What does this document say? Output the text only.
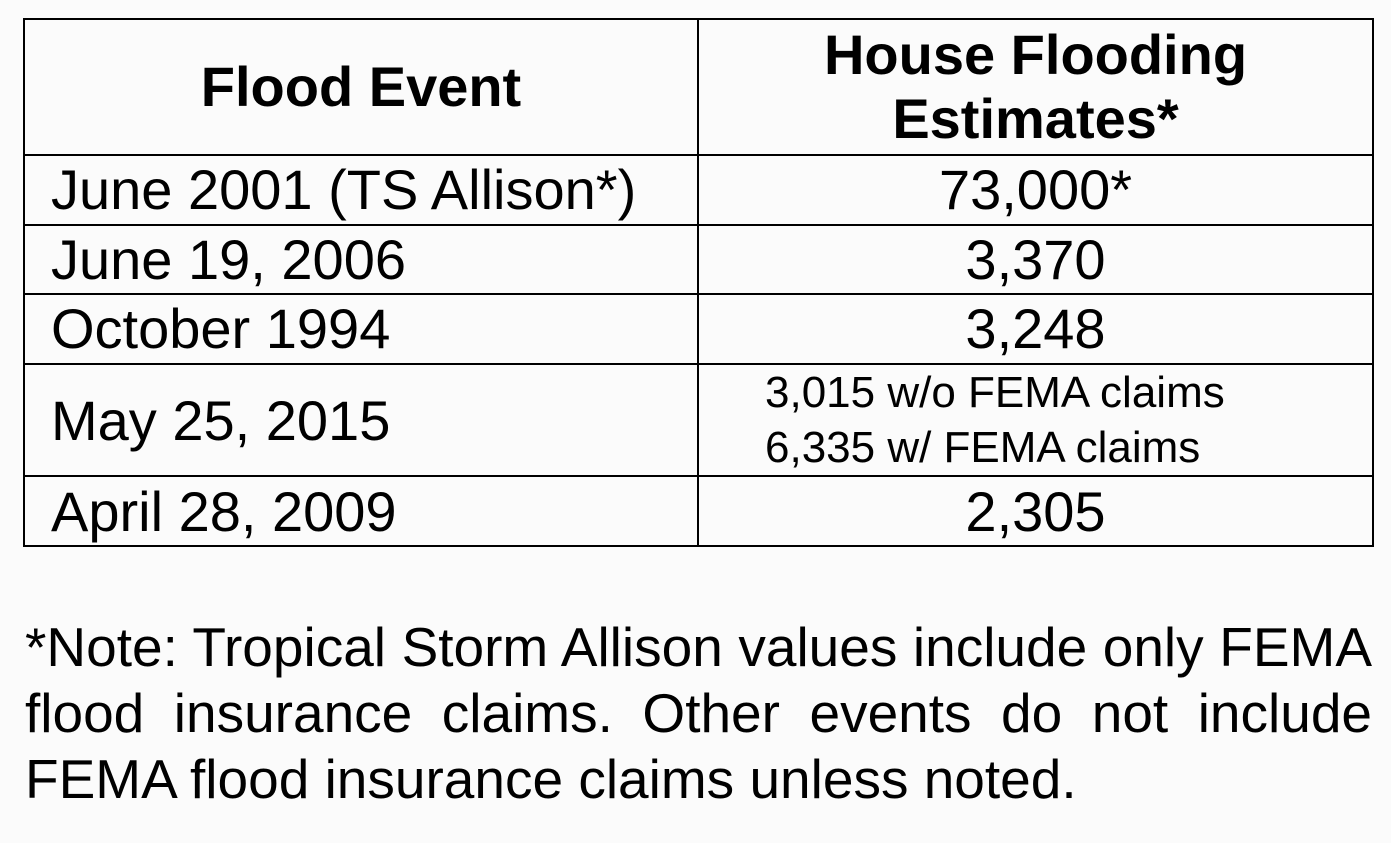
Flood Event	House Flooding
Estimates*
June 2001 (TS Allison*)	73,000*
June 19, 2006	3,370
October 1994	3,248
May 25, 2015	3,015 w/o FEMA claims
6,335 w/ FEMA claims

April 28, 2009	2,305

*Note: Tropical Storm Allison values include only FEMA flood insurance claims. Other events do not include FEMA flood insurance claims unless noted.
